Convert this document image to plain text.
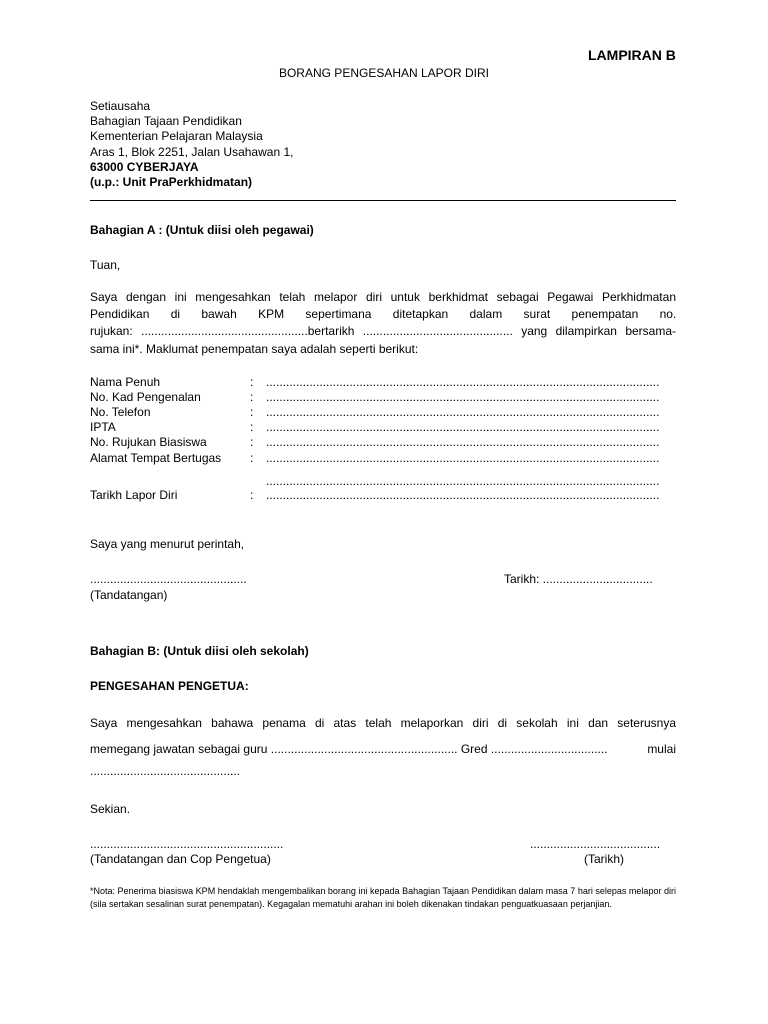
LAMPIRAN B
BORANG PENGESAHAN LAPOR DIRI
Setiausaha
Bahagian Tajaan Pendidikan
Kementerian Pelajaran Malaysia
Aras 1, Blok 2251, Jalan Usahawan 1,
63000 CYBERJAYA
(u.p.: Unit PraPerkhidmatan)
Bahagian A : (Untuk diisi oleh pegawai)
Tuan,
Saya dengan ini mengesahkan telah melapor diri untuk berkhidmat sebagai Pegawai Perkhidmatan
Pendidikan di bawah KPM sepertimana ditetapkan dalam surat penempatan no.
rujukan: ..................................................bertarikh ............................................. yang dilampirkan bersama-
sama ini*. Maklumat penempatan saya adalah seperti berikut:
Nama Penuh	: ......................................................................................................................
No. Kad Pengenalan	: ......................................................................................................................
No. Telefon	: ......................................................................................................................
IPTA	: ......................................................................................................................
No. Rujukan Biasiswa	: ......................................................................................................................
Alamat Tempat Bertugas : ......................................................................................................................
......................................................................................................................
Tarikh Lapor Diri	: ......................................................................................................................
Saya yang menurut perintah,
...............................................	Tarikh: .................................
(Tandatangan)
Bahagian B: (Untuk diisi oleh sekolah)
PENGESAHAN PENGETUA:
Saya mengesahkan bahawa penama di atas telah melaporkan diri di sekolah ini dan seterusnya
memegang jawatan sebagai guru ........................................................ Gred ...................................	mulai
.............................................
Sekian.
..........................................................	.......................................
(Tandatangan dan Cop Pengetua)	(Tarikh)
*Nota: Penerima biasiswa KPM hendaklah mengembalikan borang ini kepada Bahagian Tajaan Pendidikan dalam masa 7 hari selepas melapor diri (sila sertakan sesalinan surat penempatan). Kegagalan mematuhi arahan ini boleh dikenakan tindakan penguatkuasaan perjanjian.
